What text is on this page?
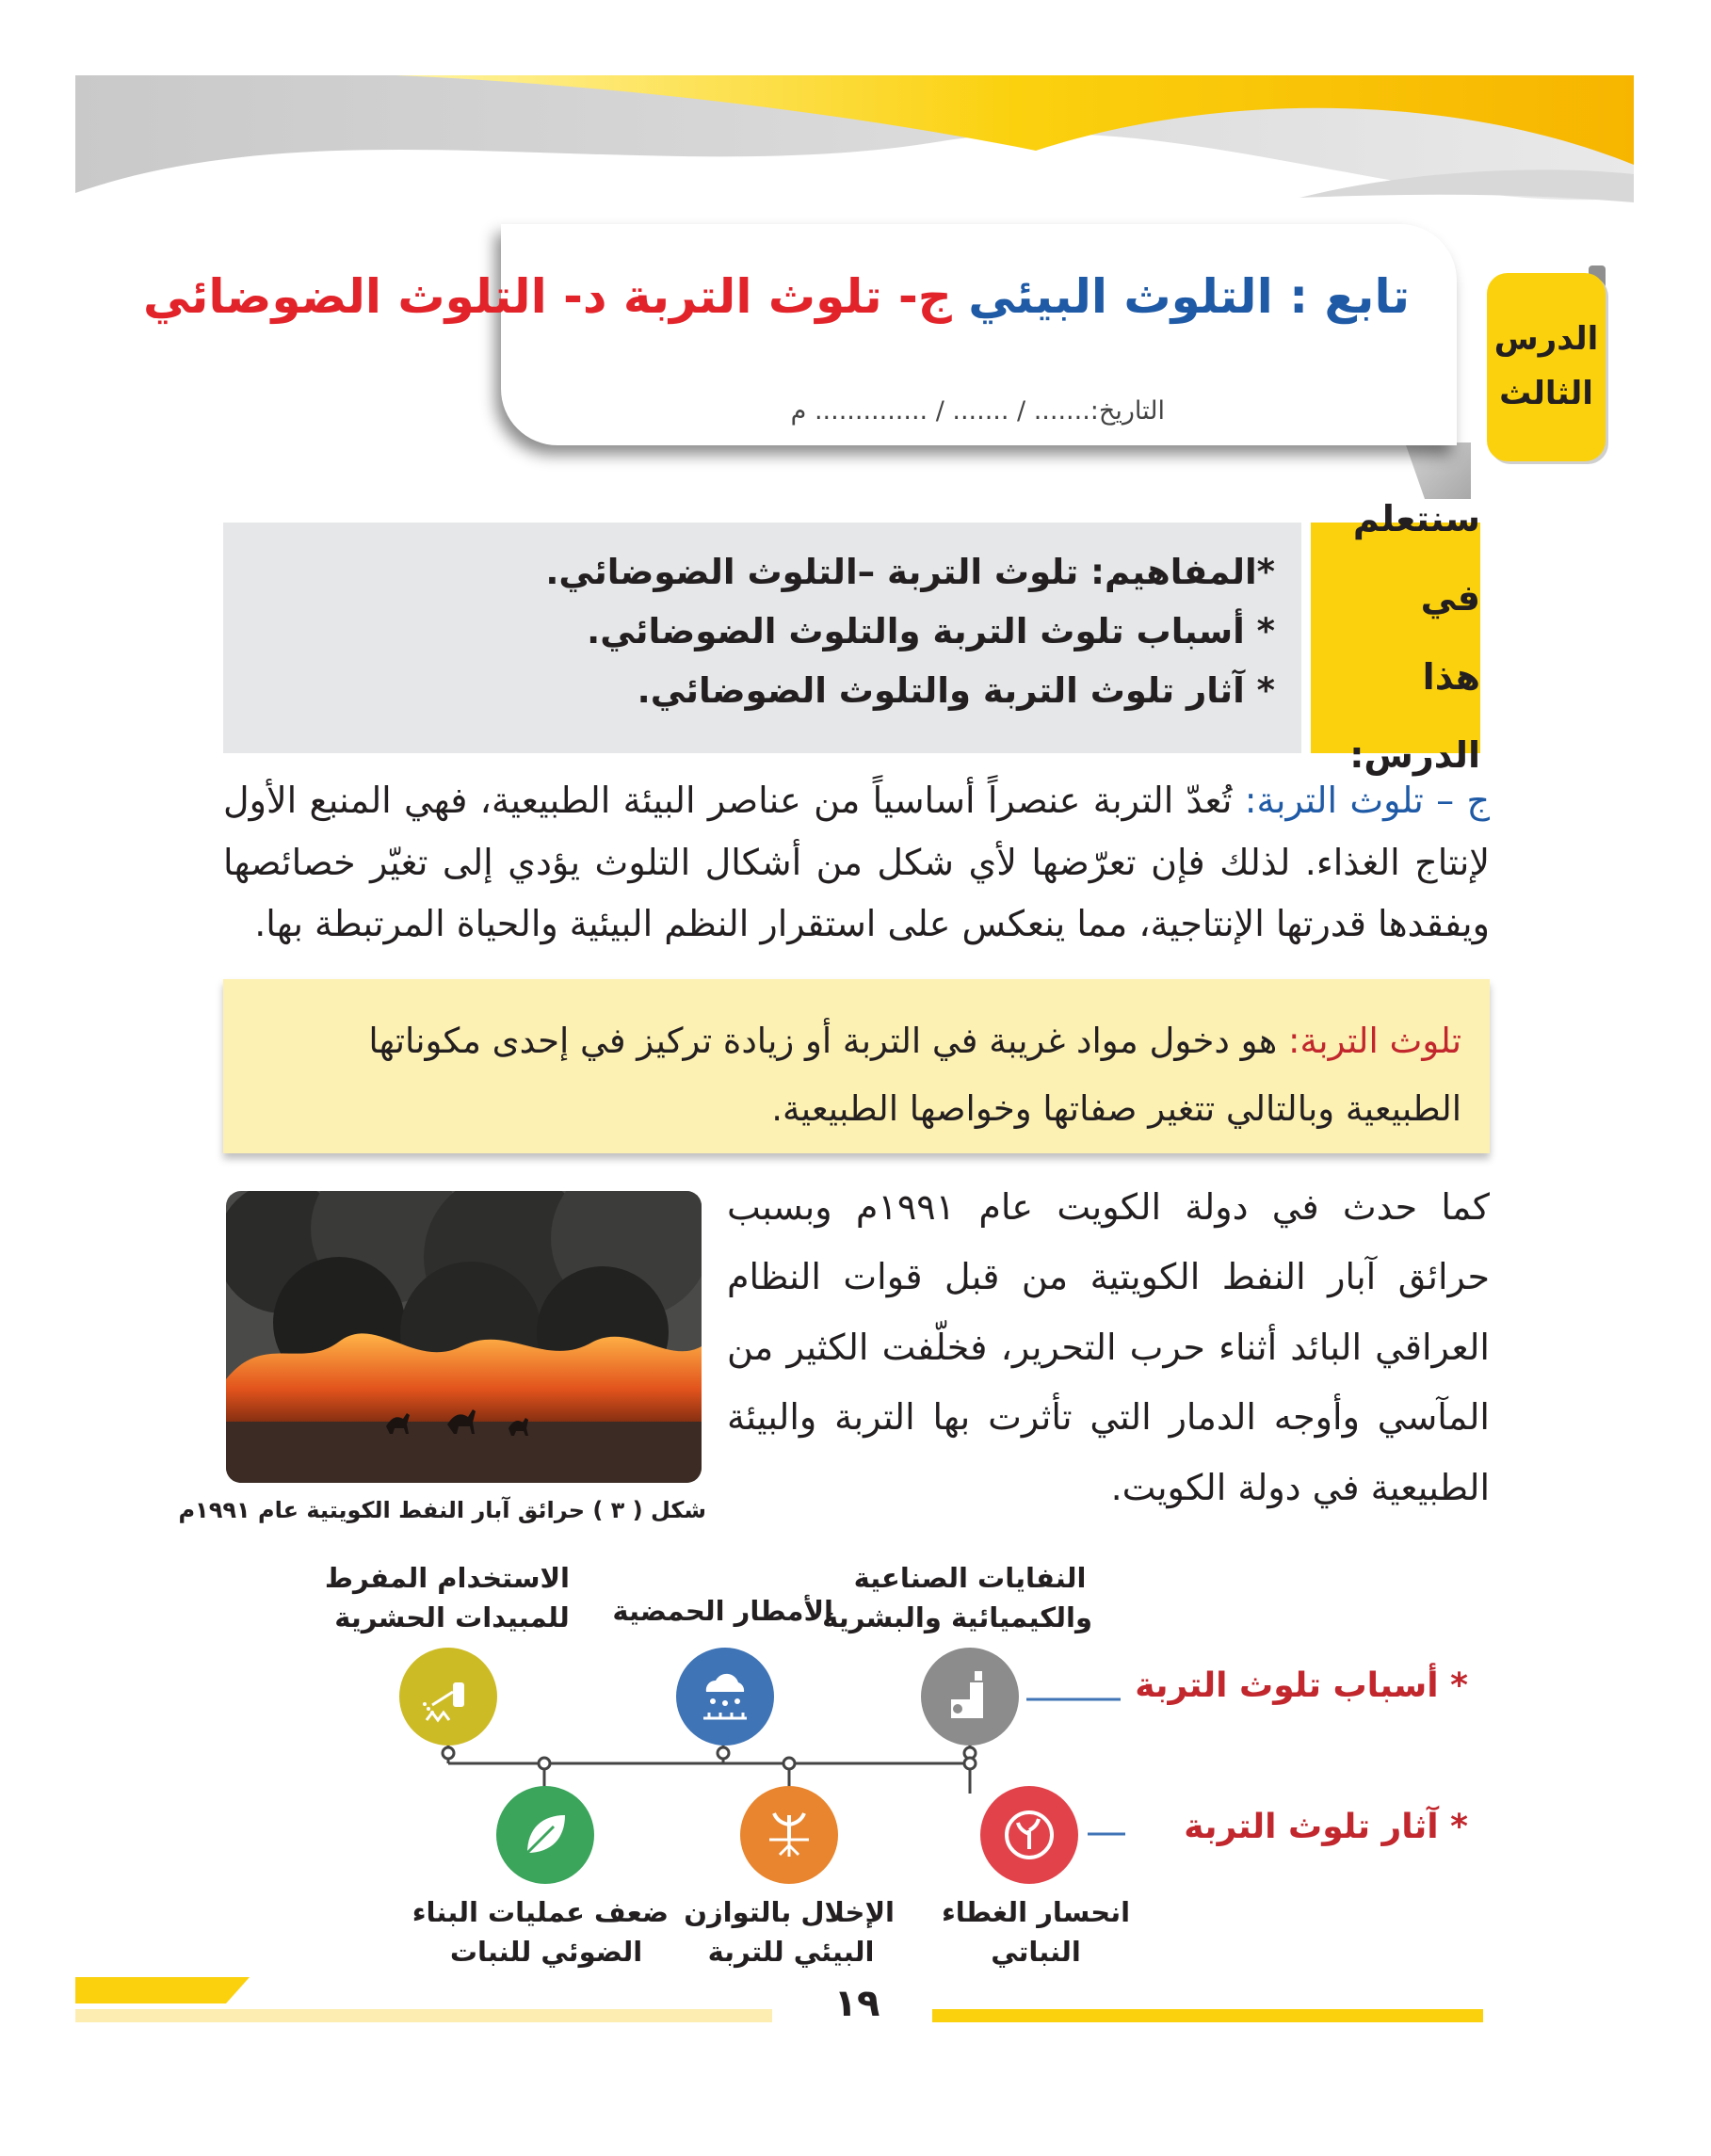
الدرس
الثالث
تابع : التلوث البيئي ج- تلوث التربة د- التلوث الضوضائي
التاريخ:....... / ....... / .............. م
سنتعلم في
هذا الدرس:
*المفاهيم: تلوث التربة –التلوث الضوضائي.
* أسباب تلوث التربة والتلوث الضوضائي.
* آثار تلوث التربة والتلوث الضوضائي.
ج – تلوث التربة: تُعدّ التربة عنصراً أساسياً من عناصر البيئة الطبيعية، فهي المنبع الأول لإنتاج الغذاء. لذلك فإن تعرّضها لأي شكل من أشكال التلوث يؤدي إلى تغيّر خصائصها ويفقدها قدرتها الإنتاجية، مما ينعكس على استقرار النظم البيئية والحياة المرتبطة بها.
تلوث التربة: هو دخول مواد غريبة في التربة أو زيادة تركيز في إحدى مكوناتها الطبيعية وبالتالي تتغير صفاتها وخواصها الطبيعية.
كما حدث في دولة الكويت عام ١٩٩١م وبسبب حرائق آبار النفط الكويتية من قبل قوات النظام العراقي البائد أثناء حرب التحرير، فخلّفت الكثير من المآسي وأوجه الدمار التي تأثرت بها التربة والبيئة الطبيعية في دولة الكويت.
شكل ( ٣ ) حرائق آبار النفط الكويتية عام ١٩٩١م
* أسباب تلوث التربة
* آثار تلوث التربة
النفايات الصناعية
والكيميائية والبشرية
الأمطار الحمضية
الاستخدام المفرط
للمبيدات الحشرية
انحسار الغطاء
النباتي
الإخلال بالتوازن
البيئي للتربة
ضعف عمليات البناء
الضوئي للنبات
١٩
